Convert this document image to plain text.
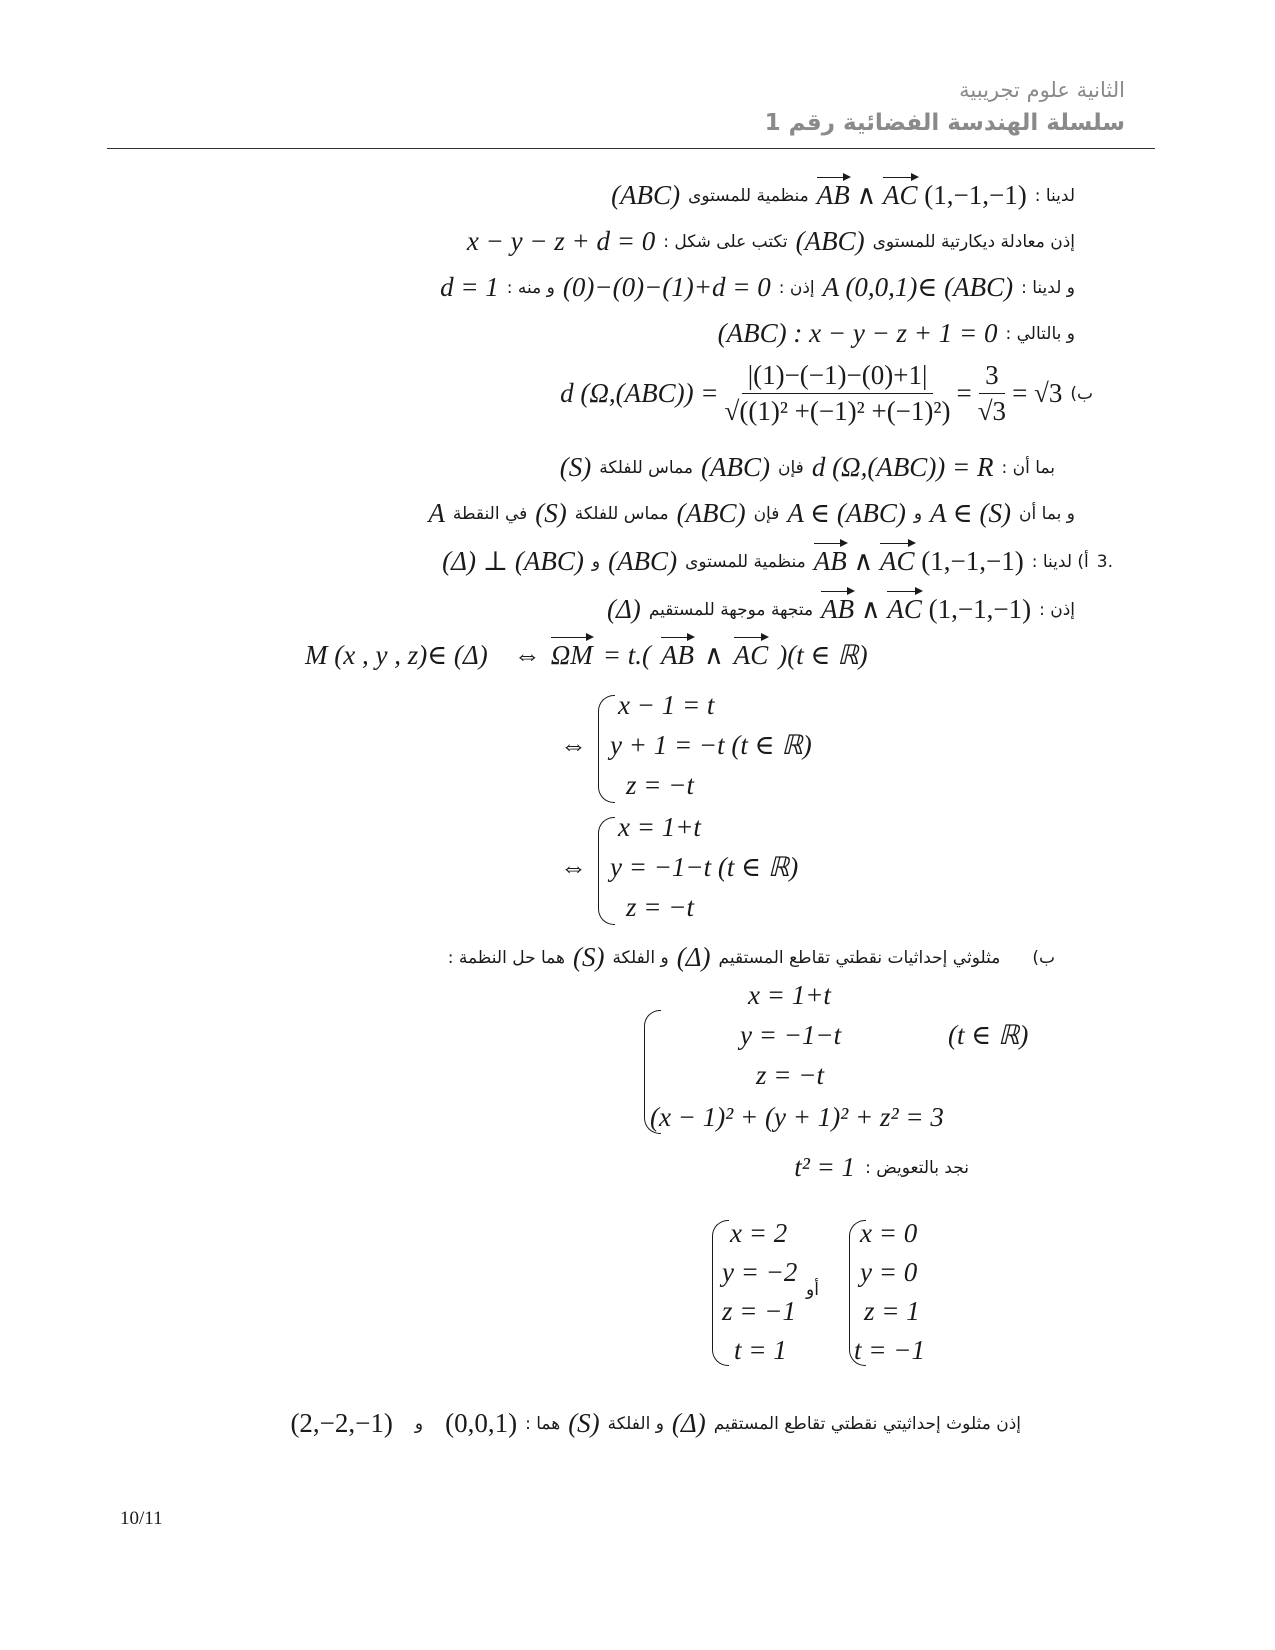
الثانية علوم تجريبية
سلسلة الهندسة الفضائية رقم 1
لدينا :
AB ∧ AC (1,−1,−1)
منظمية للمستوى
(ABC)
إذن معادلة ديكارتية للمستوى
(ABC)
تكتب على شكل :
x − y − z + d = 0
و لدينا :
A (0,0,1)∈ (ABC)
إذن :
(0)−(0)−(1)+d = 0
و منه :
d = 1
و بالتالي :
(ABC) : x − y − z + 1 = 0
ب)
d $(\Omega,(ABC)) = \frac{|(1)-(-1)-(0)+1|}{\text{√((1)² +(−1)² +(−1)²)}} = \frac{3}{√3} = √3$
بما أن :
d (Ω,(ABC)) = R
فإن
(ABC)
مماس للفلكة
(S)
و بما أن
A ∈ (S)
و
A ∈ (ABC)
فإن
(ABC)
مماس للفلكة
(S)
في النقطة
A
3.
أ) لدينا :
AB ∧ AC (1,−1,−1)
منظمية للمستوى
(ABC)
و
(Δ) ⊥ (ABC)
إذن :
AB ∧ AC (1,−1,−1)
متجهة موجهة للمستقيم
(Δ)
M (x , y , z)∈ (Δ) ⇔ ΩM = t.( AB ∧ AC )(t ∈ ℝ)
⇔
x − 1 = t
y + 1 = −t (t ∈ ℝ)
z = −t
⇔
x = 1+t
y = −1−t (t ∈ ℝ)
z = −t
ب)
مثلوثي إحداثيات نقطتي تقاطع المستقيم
(Δ)
و الفلكة
(S)
هما حل النظمة :
x = 1+t
y = −1−t
z = −t
(x − 1)² + (y + 1)² + z² = 3
(t ∈ ℝ)
نجد بالتعويض :
t² = 1
x = 2
y = −2
z = −1
t = 1
أو
x = 0
y = 0
z = 1
t = −1
إذن مثلوث إحداثيتي نقطتي تقاطع المستقيم
(Δ)
و الفلكة
(S)
هما :
(0,0,1)
و
(2,−2,−1)
10/11
